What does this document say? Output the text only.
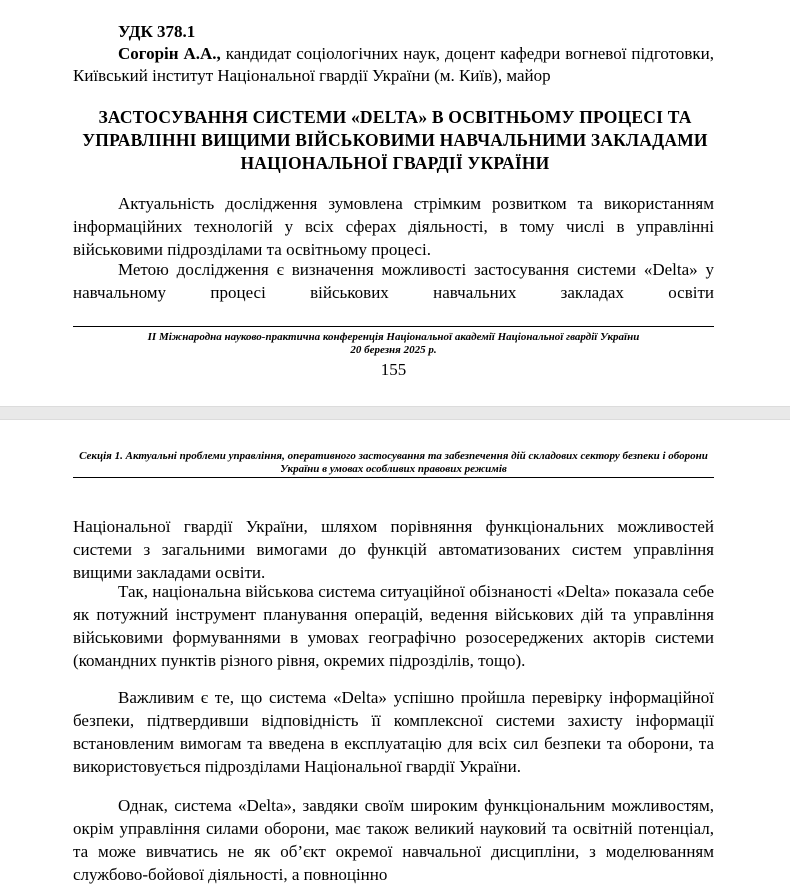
УДК 378.1
Согорін А.А., кандидат соціологічних наук, доцент кафедри вогневої підготовки, Київський інститут Національної гвардії України (м. Київ), майор
ЗАСТОСУВАННЯ СИСТЕМИ «DELTA» В ОСВІТНЬОМУ ПРОЦЕСІ ТА УПРАВЛІННІ ВИЩИМИ ВІЙСЬКОВИМИ НАВЧАЛЬНИМИ ЗАКЛАДАМИ НАЦІОНАЛЬНОЇ ГВАРДІЇ УКРАЇНИ

Актуальність дослідження зумовлена стрімким розвитком та використанням інформаційних технологій у всіх сферах діяльності, в тому числі в управлінні військовими підрозділами та освітньому процесі.

Метою дослідження є визначення можливості застосування системи «Delta» у навчальному процесі військових навчальних закладах освіти

ІІ Міжнародна науково-практична конференція Національної академії Національної гвардії України
20 березня 2025 р.
155
Секція 1. Актуальні проблеми управління, оперативного застосування та забезпечення дій складових сектору безпеки і оборони України в умовах особливих правових режимів

Національної гвардії України, шляхом порівняння функціональних можливостей системи з загальними вимогами до функцій автоматизованих систем управління вищими закладами освіти.

Так, національна військова система ситуаційної обізнаності «Delta» показала себе як потужний інструмент планування операцій, ведення військових дій та управління військовими формуваннями в умовах географічно розосереджених акторів системи (командних пунктів різного рівня, окремих підрозділів, тощо).

Важливим є те, що система «Delta» успішно пройшла перевірку інформаційної безпеки, підтвердивши відповідність її комплексної системи захисту інформації встановленим вимогам та введена в експлуатацію для всіх сил безпеки та оборони, та використовується підрозділами Національної гвардії України.

Однак, система «Delta», завдяки своїм широким функціональним можливостям, окрім управління силами оборони, має також великий науковий та освітній потенціал, та може вивчатись не як об’єкт окремої навчальної дисципліни, з моделюванням службово-бойової діяльності, а повноцінно
